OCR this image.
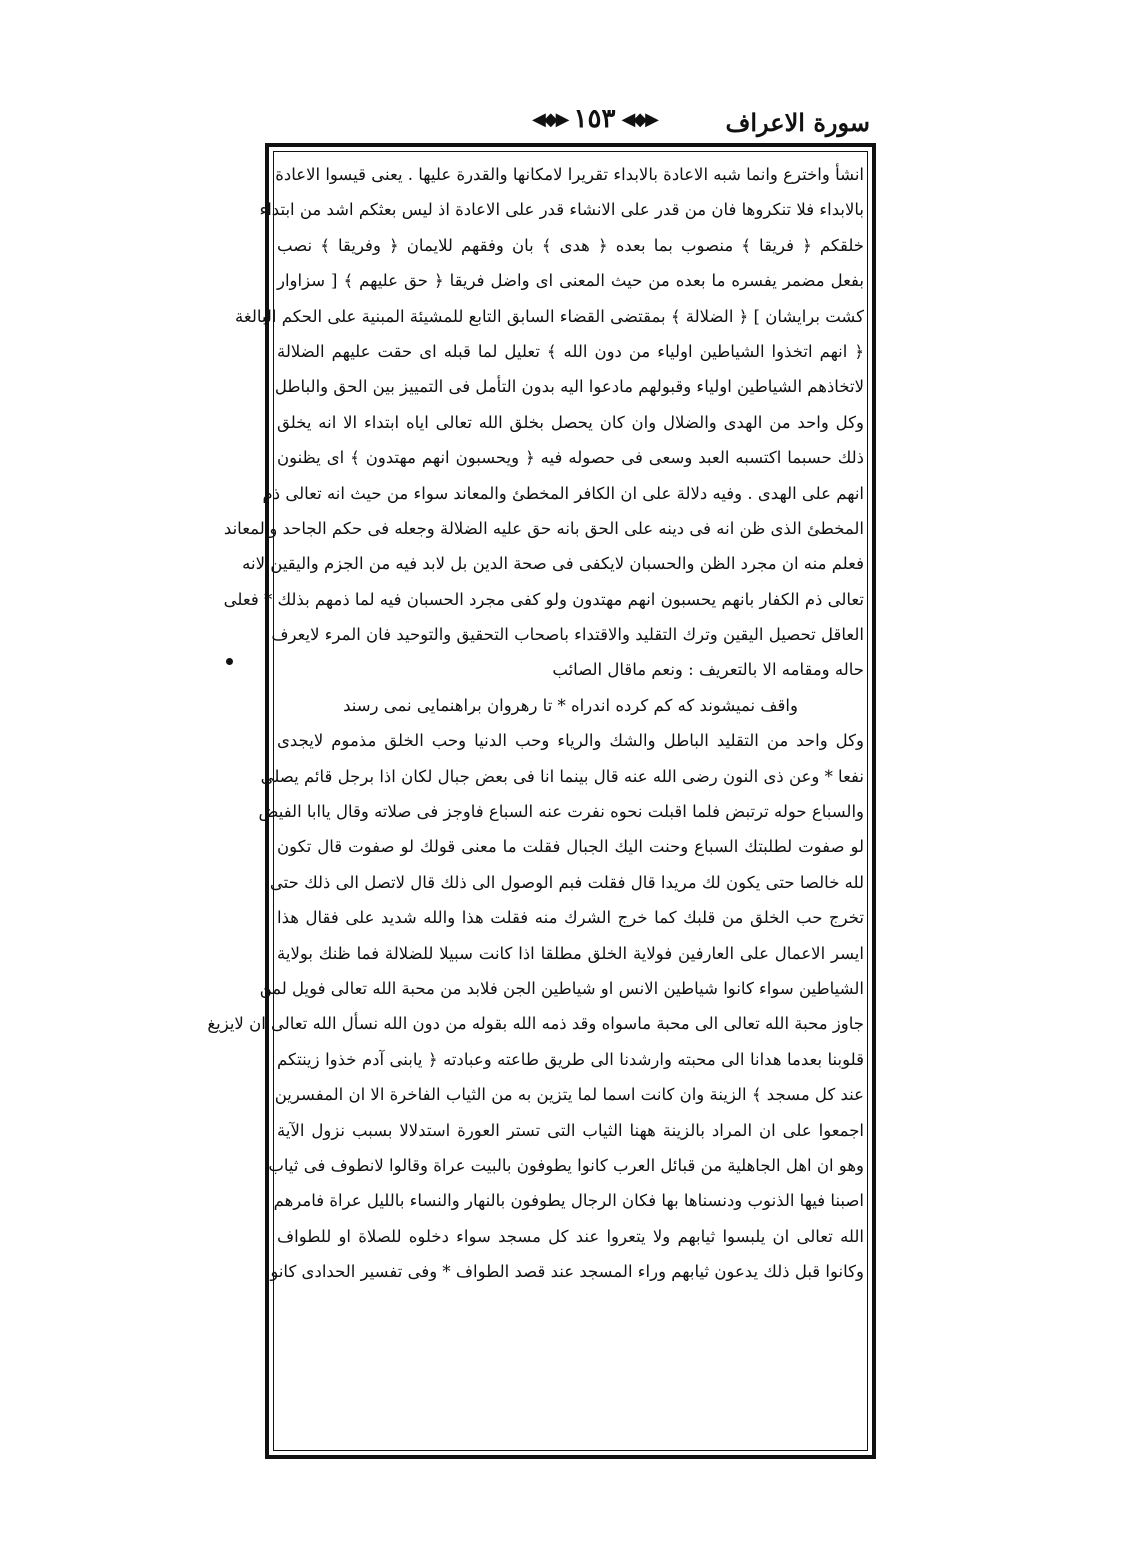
سورة الاعراف
◀◆▶ ١٥٣ ◀◆▶
انشأ واخترع وانما شبه الاعادة بالابداء تقريرا لامكانها والقدرة عليها . يعنى قيسوا الاعادة
بالابداء فلا تنكروها فان من قدر على الانشاء قدر على الاعادة اذ ليس بعثكم اشد من ابتداء
خلقكم ﴿ فريقا ﴾ منصوب بما بعده ﴿ هدى ﴾ بان وفقهم للايمان ﴿ وفريقا ﴾ نصب
بفعل مضمر يفسره ما بعده من حيث المعنى اى واضل فريقا ﴿ حق عليهم ﴾ [ سزاوار
كشت برايشان ] ﴿ الضلالة ﴾ بمقتضى القضاء السابق التابع للمشيئة المبنية على الحكم البالغة
﴿ انهم اتخذوا الشياطين اولياء من دون الله ﴾ تعليل لما قبله اى حقت عليهم الضلالة
لاتخاذهم الشياطين اولياء وقبولهم مادعوا اليه بدون التأمل فى التمييز بين الحق والباطل
وكل واحد من الهدى والضلال وان كان يحصل بخلق الله تعالى اياه ابتداء الا انه يخلق
ذلك حسبما اكتسبه العبد وسعى فى حصوله فيه ﴿ ويحسبون انهم مهتدون ﴾ اى يظنون
انهم على الهدى . وفيه دلالة على ان الكافر المخطئ والمعاند سواء من حيث انه تعالى ذم
المخطئ الذى ظن انه فى دينه على الحق بانه حق عليه الضلالة وجعله فى حكم الجاحد والمعاند
فعلم منه ان مجرد الظن والحسبان لايكفى فى صحة الدين بل لابد فيه من الجزم واليقين لانه
تعالى ذم الكفار بانهم يحسبون انهم مهتدون ولو كفى مجرد الحسبان فيه لما ذمهم بذلك * فعلى
العاقل تحصيل اليقين وترك التقليد والاقتداء باصحاب التحقيق والتوحيد فان المرء لايعرف
حاله ومقامه الا بالتعريف : ونعم ماقال الصائب
واقف نميشوند كه كم كرده اندراه * تا رهروان براهنمايى نمى رسند
وكل واحد من التقليد الباطل والشك والرياء وحب الدنيا وحب الخلق مذموم لايجدى
نفعا * وعن ذى النون رضى الله عنه قال بينما انا فى بعض جبال لكان اذا برجل قائم يصلى
والسباع حوله ترتبض فلما اقبلت نحوه نفرت عنه السباع فاوجز فى صلاته وقال ياابا الفيض
لو صفوت لطلبتك السباع وحنت اليك الجبال فقلت ما معنى قولك لو صفوت قال تكون
لله خالصا حتى يكون لك مريدا قال فقلت فبم الوصول الى ذلك قال لاتصل الى ذلك حتى
تخرج حب الخلق من قلبك كما خرج الشرك منه فقلت هذا والله شديد على فقال هذا
ايسر الاعمال على العارفين فولاية الخلق مطلقا اذا كانت سبيلا للضلالة فما ظنك بولاية
الشياطين سواء كانوا شياطين الانس او شياطين الجن فلابد من محبة الله تعالى فويل لمن
جاوز محبة الله تعالى الى محبة ماسواه وقد ذمه الله بقوله من دون الله نسأل الله تعالى ان لايزيغ
قلوبنا بعدما هدانا الى محبته وارشدنا الى طريق طاعته وعبادته ﴿ يابنى آدم خذوا زينتكم
عند كل مسجد ﴾ الزينة وان كانت اسما لما يتزين به من الثياب الفاخرة الا ان المفسرين
اجمعوا على ان المراد بالزينة ههنا الثياب التى تستر العورة استدلالا بسبب نزول الآية
وهو ان اهل الجاهلية من قبائل العرب كانوا يطوفون بالبيت عراة وقالوا لانطوف فى ثياب
اصبنا فيها الذنوب ودنسناها بها فكان الرجال يطوفون بالنهار والنساء بالليل عراة فامرهم
الله تعالى ان يلبسوا ثيابهم ولا يتعروا عند كل مسجد سواء دخلوه للصلاة او للطواف
وكانوا قبل ذلك يدعون ثيابهم وراء المسجد عند قصد الطواف * وفى تفسير الحدادى كانوا
